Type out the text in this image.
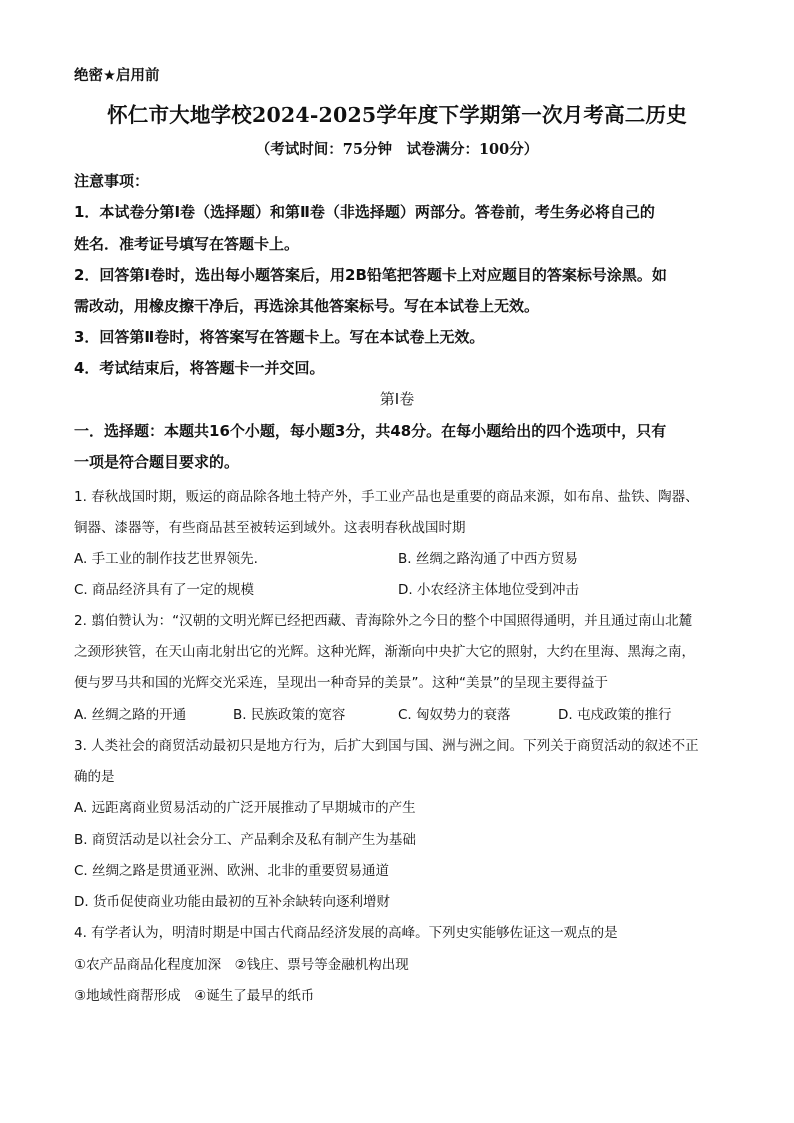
绝密★启用前
怀仁市大地学校2024-2025学年度下学期第一次月考高二历史
（考试时间：75分钟　试卷满分：100分）
注意事项：
1．本试卷分第Ⅰ卷（选择题）和第Ⅱ卷（非选择题）两部分。答卷前，考生务必将自己的
姓名．准考证号填写在答题卡上。
2．回答第Ⅰ卷时，选出每小题答案后，用2B铅笔把答题卡上对应题目的答案标号涂黑。如
需改动，用橡皮擦干净后，再选涂其他答案标号。写在本试卷上无效。
3．回答第Ⅱ卷时，将答案写在答题卡上。写在本试卷上无效。
4．考试结束后，将答题卡一并交回。
第Ⅰ卷
一．选择题：本题共16个小题，每小题3分，共48分。在每小题给出的四个选项中，只有
一项是符合题目要求的。
1. 春秋战国时期，贩运的商品除各地土特产外，手工业产品也是重要的商品来源，如布帛、盐铁、陶器、
铜器、漆器等，有些商品甚至被转运到域外。这表明春秋战国时期
A. 手工业的制作技艺世界领先.	B. 丝绸之路沟通了中西方贸易
C. 商品经济具有了一定的规模	D. 小农经济主体地位受到冲击
2. 翦伯赞认为：“汉朝的文明光辉已经把西藏、青海除外之今日的整个中国照得通明，并且通过南山北麓
之颈形狭管，在天山南北射出它的光辉。这种光辉，渐渐向中央扩大它的照射，大约在里海、黑海之南，
便与罗马共和国的光辉交光采连，呈现出一种奇异的美景”。这种“美景”的呈现主要得益于
A. 丝绸之路的开通	B. 民族政策的宽容	C. 匈奴势力的衰落	D. 屯戍政策的推行
3. 人类社会的商贸活动最初只是地方行为，后扩大到国与国、洲与洲之间。下列关于商贸活动的叙述不正
确的是
A. 远距离商业贸易活动的广泛开展推动了早期城市的产生
B. 商贸活动是以社会分工、产品剩余及私有制产生为基础
C. 丝绸之路是贯通亚洲、欧洲、北非的重要贸易通道
D. 货币促使商业功能由最初的互补余缺转向逐利增财
4. 有学者认为，明清时期是中国古代商品经济发展的高峰。下列史实能够佐证这一观点的是
①农产品商品化程度加深　②钱庄、票号等金融机构出现
③地域性商帮形成　④诞生了最早的纸币
